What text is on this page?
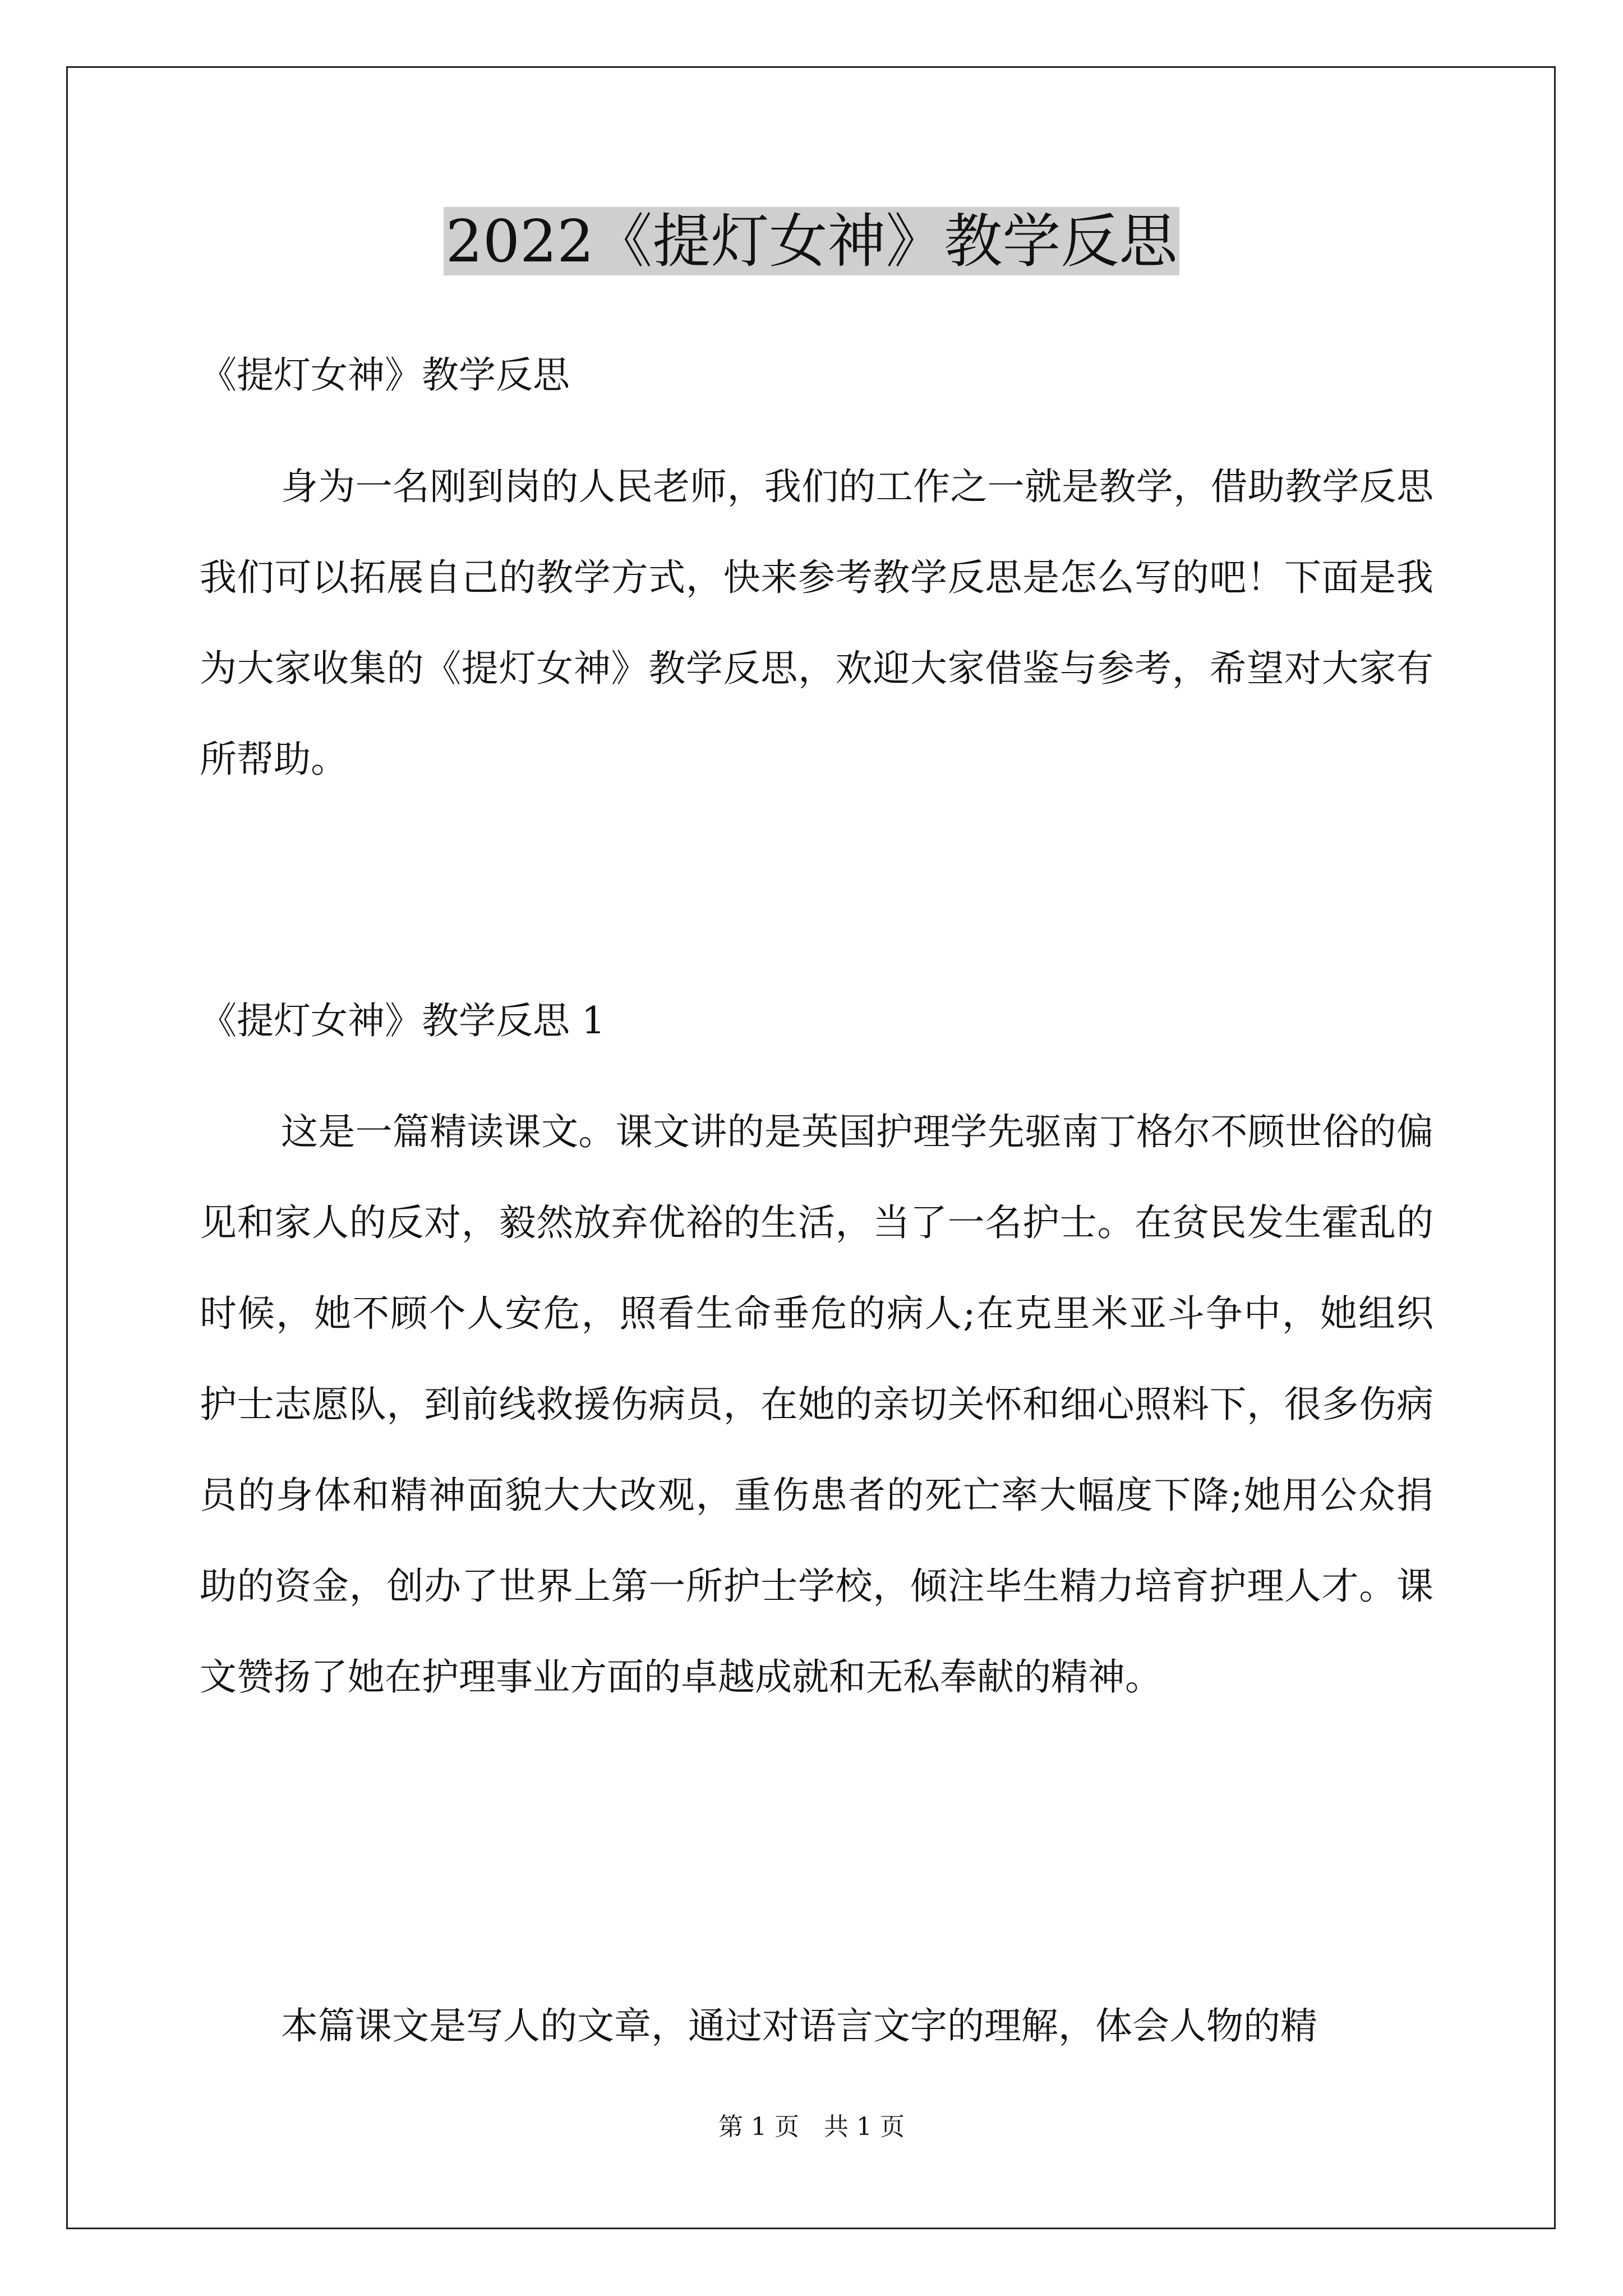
2022《提灯女神》教学反思

《提灯女神》教学反思

身为一名刚到岗的人民老师，我们的工作之一就是教学，借助教学反思我们可以拓展自己的教学方式，快来参考教学反思是怎么写的吧！下面是我为大家收集的《提灯女神》教学反思，欢迎大家借鉴与参考，希望对大家有所帮助。

《提灯女神》教学反思 1

这是一篇精读课文。课文讲的是英国护理学先驱南丁格尔不顾世俗的偏见和家人的反对，毅然放弃优裕的生活，当了一名护士。在贫民发生霍乱的时候，她不顾个人安危，照看生命垂危的病人;在克里米亚斗争中，她组织护士志愿队，到前线救援伤病员，在她的亲切关怀和细心照料下，很多伤病员的身体和精神面貌大大改观，重伤患者的死亡率大幅度下降;她用公众捐助的资金，创办了世界上第一所护士学校，倾注毕生精力培育护理人才。课文赞扬了她在护理事业方面的卓越成就和无私奉献的精神。

本篇课文是写人的文章，通过对语言文字的理解，体会人物的精

第 1 页　共 1 页
